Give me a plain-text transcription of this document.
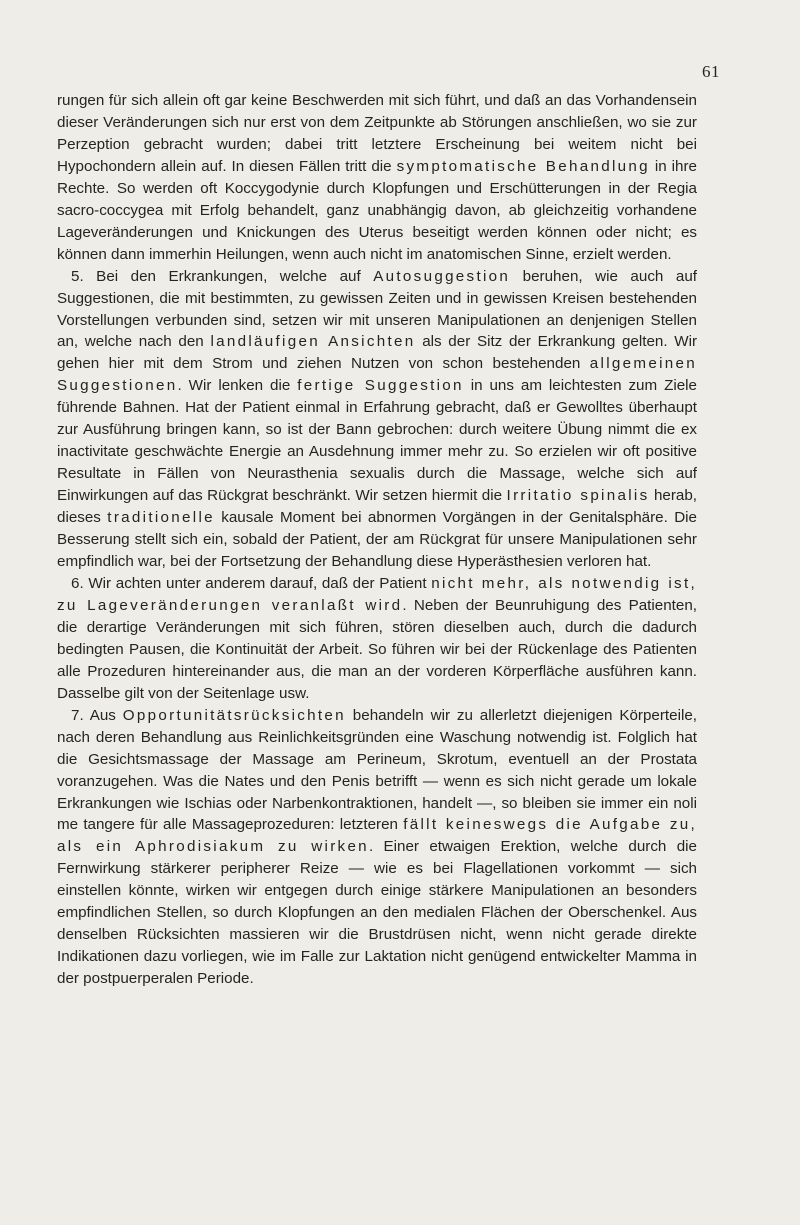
61

rungen für sich allein oft gar keine Beschwerden mit sich führt, und daß an das Vorhandensein dieser Veränderungen sich nur erst von dem Zeitpunkte ab Störungen anschließen, wo sie zur Perzeption gebracht wurden; dabei tritt letztere Erscheinung bei weitem nicht bei Hypochondern allein auf. In diesen Fällen tritt die symptomatische Behandlung in ihre Rechte. So werden oft Koccygodynie durch Klopfungen und Erschütterungen in der Regia sacro-coccygea mit Erfolg behandelt, ganz unabhängig davon, ab gleichzeitig vorhandene Lageveränderungen und Knickungen des Uterus beseitigt werden können oder nicht; es können dann immerhin Heilungen, wenn auch nicht im anatomischen Sinne, erzielt werden.

5. Bei den Erkrankungen, welche auf Autosuggestion beruhen, wie auch auf Suggestionen, die mit bestimmten, zu gewissen Zeiten und in gewissen Kreisen bestehenden Vorstellungen verbunden sind, setzen wir mit unseren Manipulationen an denjenigen Stellen an, welche nach den landläufigen Ansichten als der Sitz der Erkrankung gelten. Wir gehen hier mit dem Strom und ziehen Nutzen von schon bestehenden allgemeinen Suggestionen. Wir lenken die fertige Suggestion in uns am leichtesten zum Ziele führende Bahnen. Hat der Patient einmal in Erfahrung gebracht, daß er Gewolltes überhaupt zur Ausführung bringen kann, so ist der Bann gebrochen: durch weitere Übung nimmt die ex inactivitate geschwächte Energie an Ausdehnung immer mehr zu. So erzielen wir oft positive Resultate in Fällen von Neurasthenia sexualis durch die Massage, welche sich auf Einwirkungen auf das Rückgrat beschränkt. Wir setzen hiermit die Irritatio spinalis herab, dieses traditionelle kausale Moment bei abnormen Vorgängen in der Genitalsphäre. Die Besserung stellt sich ein, sobald der Patient, der am Rückgrat für unsere Manipulationen sehr empfindlich war, bei der Fortsetzung der Behandlung diese Hyperästhesien verloren hat.

6. Wir achten unter anderem darauf, daß der Patient nicht mehr, als notwendig ist, zu Lageveränderungen veranlaßt wird. Neben der Beunruhigung des Patienten, die derartige Veränderungen mit sich führen, stören dieselben auch, durch die dadurch bedingten Pausen, die Kontinuität der Arbeit. So führen wir bei der Rückenlage des Patienten alle Prozeduren hintereinander aus, die man an der vorderen Körperfläche ausführen kann. Dasselbe gilt von der Seitenlage usw.

7. Aus Opportunitätsrücksichten behandeln wir zu allerletzt diejenigen Körperteile, nach deren Behandlung aus Reinlichkeitsgründen eine Waschung notwendig ist. Folglich hat die Gesichtsmassage der Massage am Perineum, Skrotum, eventuell an der Prostata voranzugehen. Was die Nates und den Penis betrifft — wenn es sich nicht gerade um lokale Erkrankungen wie Ischias oder Narbenkontraktionen, handelt —, so bleiben sie immer ein noli me tangere für alle Massageprozeduren: letzteren fällt keineswegs die Aufgabe zu, als ein Aphrodisiakum zu wirken. Einer etwaigen Erektion, welche durch die Fernwirkung stärkerer peripherer Reize — wie es bei Flagellationen vorkommt — sich einstellen könnte, wirken wir entgegen durch einige stärkere Manipulationen an besonders empfindlichen Stellen, so durch Klopfungen an den medialen Flächen der Oberschenkel. Aus denselben Rücksichten massieren wir die Brustdrüsen nicht, wenn nicht gerade direkte Indikationen dazu vorliegen, wie im Falle zur Laktation nicht genügend entwickelter Mamma in der postpuerperalen Periode.
